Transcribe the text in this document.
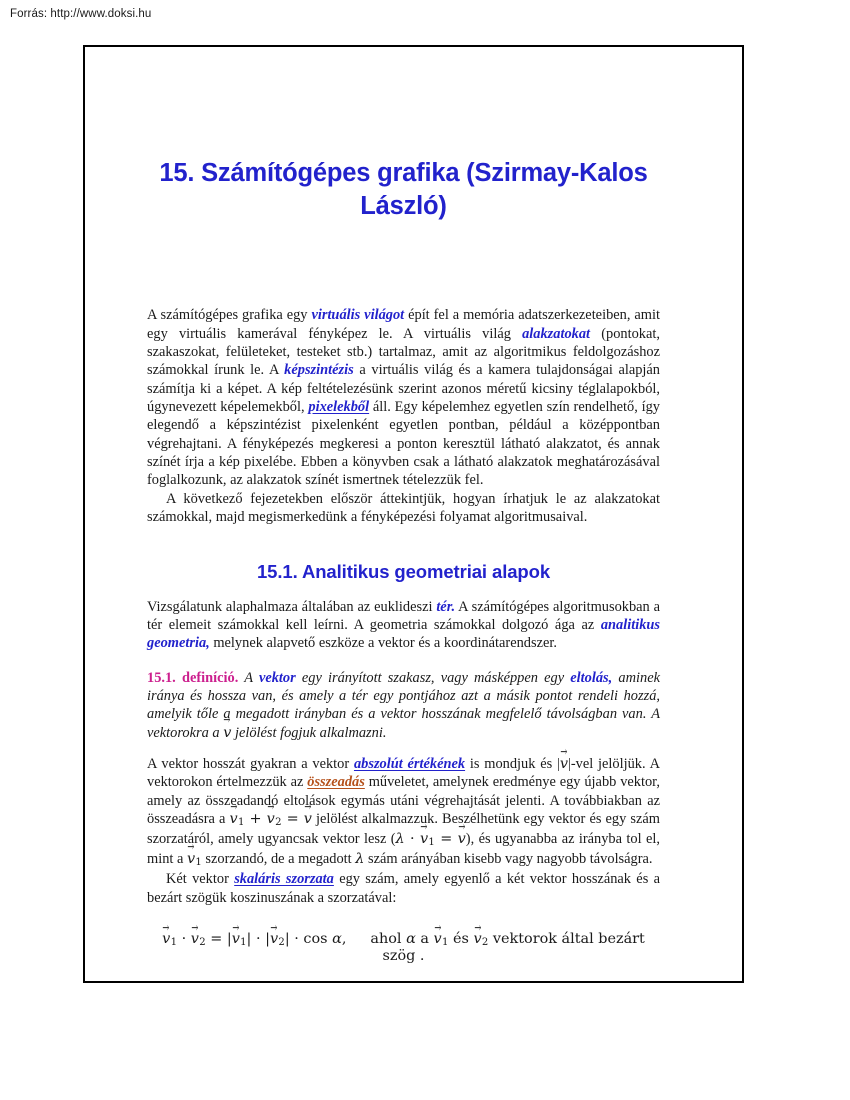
Forrás: http://www.doksi.hu
15. Számítógépes grafika (Szirmay-Kalos
László)

A számítógépes grafika egy virtuális világot épít fel a memória adatszerkezeteiben, amit egy virtuális kamerával fényképez le. A virtuális világ alakzatokat (pontokat, szakaszokat, felületeket, testeket stb.) tartalmaz, amit az algoritmikus feldolgozáshoz számokkal írunk le. A képszintézis a virtuális világ és a kamera tulajdonságai alapján számítja ki a képet. A kép feltételezésünk szerint azonos méretű kicsiny téglalapokból, úgynevezett képelemekből, pixelekből áll. Egy képelemhez egyetlen szín rendelhető, így elegendő a képszintézist pixelenként egyetlen pontban, például a középpontban végrehajtani. A fényképezés megkeresi a ponton keresztül látható alakzatot, és annak színét írja a kép pixelébe. Ebben a könyvben csak a látható alakzatok meghatározásával foglalkozunk, az alakzatok színét ismertnek tételezzük fel.

A következő fejezetekben először áttekintjük, hogyan írhatjuk le az alakzatokat számokkal, majd megismerkedünk a fényképezési folyamat algoritmusaival.

15.1. Analitikus geometriai alapok

Vizsgálatunk alaphalmaza általában az euklideszi tér. A számítógépes algoritmusokban a tér elemeit számokkal kell leírni. A geometria számokkal dolgozó ága az analitikus geometria, melynek alapvető eszköze a vektor és a koordinátarendszer.

15.1. definíció. A vektor egy irányított szakasz, vagy másképpen egy eltolás, aminek iránya és hossza van, és amely a tér egy pontjához azt a másik pontot rendeli hozzá, amelyik tőle a megadott irányban és a vektor hosszának megfelelő távolságban van. A vektorokra a → v jelölést fogjuk alkalmazni.

A vektor hosszát gyakran a vektor abszolút értékének is mondjuk és |→ v|-vel jelöljük. A vektorokon értelmezzük az összeadás műveletet, amelynek eredménye egy újabb vektor, amely az összeadandó eltolások egymás utáni végrehajtását jelenti. A továbbiakban az összeadásra $a \to v_1$ + → $v_2$ = → v jelölést alkalmazzuk. Beszélhetünk egy vektor és egy szám szorzatáról, amely ugyancsak vektor lesz (λ · → $v_1$ = → v), és ugyanabba az irányba tol el, mint $a \to v_1$ szorzandó, de a megadott λ szám arányában kisebb vagy nagyobb távolságra.

Két vektor skaláris szorzata egy szám, amely egyenlő a két vektor hosszának és a bezárt szögük koszinuszának a szorzatával:

→ $v_1$ · → $v_2$ = |→ $v_1|$ · |→ $v_2| \cdot \cos \alpha$, ahol α $a \to v_1$ és → $v_2$ vektorok által bezárt szög .
